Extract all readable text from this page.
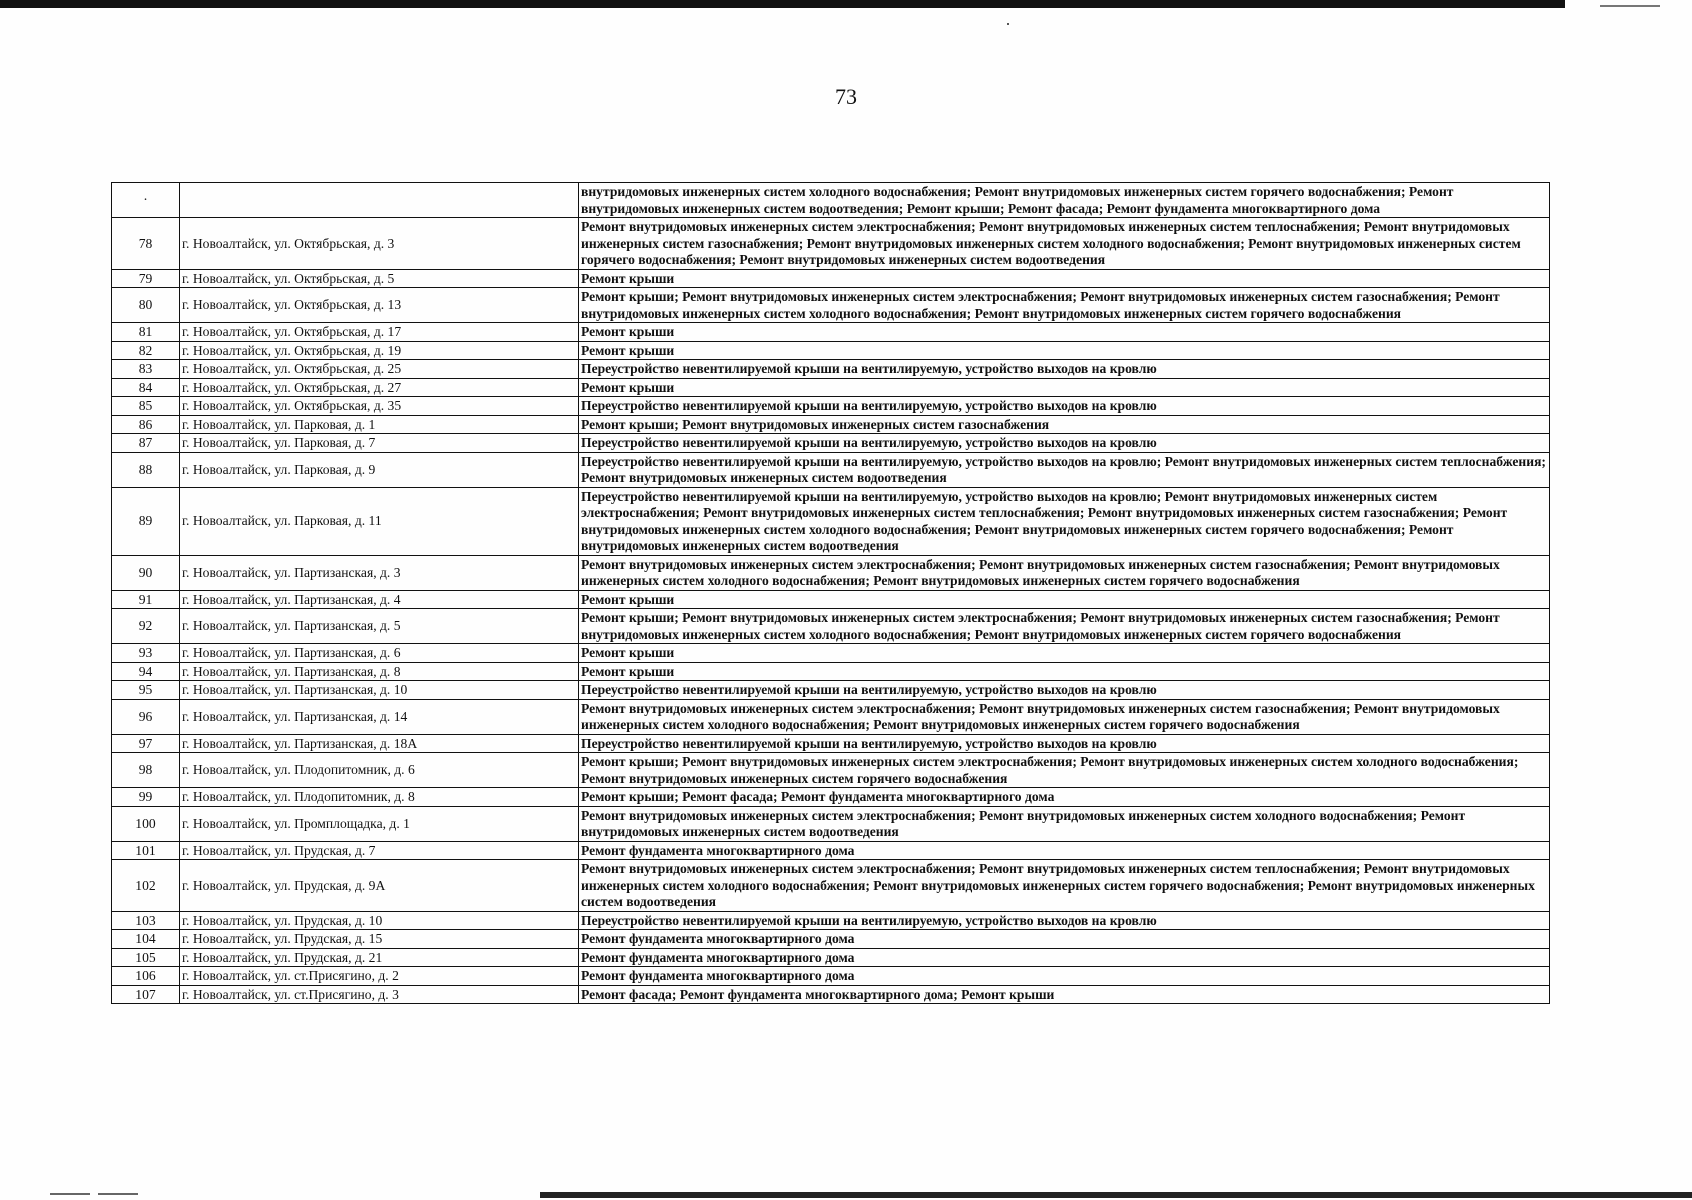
73
·		внутридомовых инженерных систем холодного водоснабжения; Ремонт внутридомовых инженерных систем горячего водоснабжения; Ремонт внутридомовых инженерных систем водоотведения; Ремонт крыши; Ремонт фасада; Ремонт фундамента многоквартирного дома
78	г. Новоалтайск, ул. Октябрьская, д. 3	Ремонт внутридомовых инженерных систем электроснабжения; Ремонт внутридомовых инженерных систем теплоснабжения; Ремонт внутридомовых инженерных систем газоснабжения; Ремонт внутридомовых инженерных систем холодного водоснабжения; Ремонт внутридомовых инженерных систем горячего водоснабжения; Ремонт внутридомовых инженерных систем водоотведения
79	г. Новоалтайск, ул. Октябрьская, д. 5	Ремонт крыши
80	г. Новоалтайск, ул. Октябрьская, д. 13	Ремонт крыши; Ремонт внутридомовых инженерных систем электроснабжения; Ремонт внутридомовых инженерных систем газоснабжения; Ремонт внутридомовых инженерных систем холодного водоснабжения; Ремонт внутридомовых инженерных систем горячего водоснабжения
81	г. Новоалтайск, ул. Октябрьская, д. 17	Ремонт крыши
82	г. Новоалтайск, ул. Октябрьская, д. 19	Ремонт крыши
83	г. Новоалтайск, ул. Октябрьская, д. 25	Переустройство невентилируемой крыши на вентилируемую, устройство выходов на кровлю
84	г. Новоалтайск, ул. Октябрьская, д. 27	Ремонт крыши
85	г. Новоалтайск, ул. Октябрьская, д. 35	Переустройство невентилируемой крыши на вентилируемую, устройство выходов на кровлю
86	г. Новоалтайск, ул. Парковая, д. 1	Ремонт крыши; Ремонт внутридомовых инженерных систем газоснабжения
87	г. Новоалтайск, ул. Парковая, д. 7	Переустройство невентилируемой крыши на вентилируемую, устройство выходов на кровлю
88	г. Новоалтайск, ул. Парковая, д. 9	Переустройство невентилируемой крыши на вентилируемую, устройство выходов на кровлю; Ремонт внутридомовых инженерных систем теплоснабжения; Ремонт внутридомовых инженерных систем водоотведения
89	г. Новоалтайск, ул. Парковая, д. 11	Переустройство невентилируемой крыши на вентилируемую, устройство выходов на кровлю; Ремонт внутридомовых инженерных систем электроснабжения; Ремонт внутридомовых инженерных систем теплоснабжения; Ремонт внутридомовых инженерных систем газоснабжения; Ремонт внутридомовых инженерных систем холодного водоснабжения; Ремонт внутридомовых инженерных систем горячего водоснабжения; Ремонт внутридомовых инженерных систем водоотведения
90	г. Новоалтайск, ул. Партизанская, д. 3	Ремонт внутридомовых инженерных систем электроснабжения; Ремонт внутридомовых инженерных систем газоснабжения; Ремонт внутридомовых инженерных систем холодного водоснабжения; Ремонт внутридомовых инженерных систем горячего водоснабжения
91	г. Новоалтайск, ул. Партизанская, д. 4	Ремонт крыши
92	г. Новоалтайск, ул. Партизанская, д. 5	Ремонт крыши; Ремонт внутридомовых инженерных систем электроснабжения; Ремонт внутридомовых инженерных систем газоснабжения; Ремонт внутридомовых инженерных систем холодного водоснабжения; Ремонт внутридомовых инженерных систем горячего водоснабжения
93	г. Новоалтайск, ул. Партизанская, д. 6	Ремонт крыши
94	г. Новоалтайск, ул. Партизанская, д. 8	Ремонт крыши
95	г. Новоалтайск, ул. Партизанская, д. 10	Переустройство невентилируемой крыши на вентилируемую, устройство выходов на кровлю
96	г. Новоалтайск, ул. Партизанская, д. 14	Ремонт внутридомовых инженерных систем электроснабжения; Ремонт внутридомовых инженерных систем газоснабжения; Ремонт внутридомовых инженерных систем холодного водоснабжения; Ремонт внутридомовых инженерных систем горячего водоснабжения
97	г. Новоалтайск, ул. Партизанская, д. 18А	Переустройство невентилируемой крыши на вентилируемую, устройство выходов на кровлю
98	г. Новоалтайск, ул. Плодопитомник, д. 6	Ремонт крыши; Ремонт внутридомовых инженерных систем электроснабжения; Ремонт внутридомовых инженерных систем холодного водоснабжения; Ремонт внутридомовых инженерных систем горячего водоснабжения
99	г. Новоалтайск, ул. Плодопитомник, д. 8	Ремонт крыши; Ремонт фасада; Ремонт фундамента многоквартирного дома
100	г. Новоалтайск, ул. Промплощадка, д. 1	Ремонт внутридомовых инженерных систем электроснабжения; Ремонт внутридомовых инженерных систем холодного водоснабжения; Ремонт внутридомовых инженерных систем водоотведения
101	г. Новоалтайск, ул. Прудская, д. 7	Ремонт фундамента многоквартирного дома
102	г. Новоалтайск, ул. Прудская, д. 9А	Ремонт внутридомовых инженерных систем электроснабжения; Ремонт внутридомовых инженерных систем теплоснабжения; Ремонт внутридомовых инженерных систем холодного водоснабжения; Ремонт внутридомовых инженерных систем горячего водоснабжения; Ремонт внутридомовых инженерных систем водоотведения
103	г. Новоалтайск, ул. Прудская, д. 10	Переустройство невентилируемой крыши на вентилируемую, устройство выходов на кровлю
104	г. Новоалтайск, ул. Прудская, д. 15	Ремонт фундамента многоквартирного дома
105	г. Новоалтайск, ул. Прудская, д. 21	Ремонт фундамента многоквартирного дома
106	г. Новоалтайск, ул. ст.Присягино, д. 2	Ремонт фундамента многоквартирного дома
107	г. Новоалтайск, ул. ст.Присягино, д. 3	Ремонт фасада; Ремонт фундамента многоквартирного дома; Ремонт крыши
